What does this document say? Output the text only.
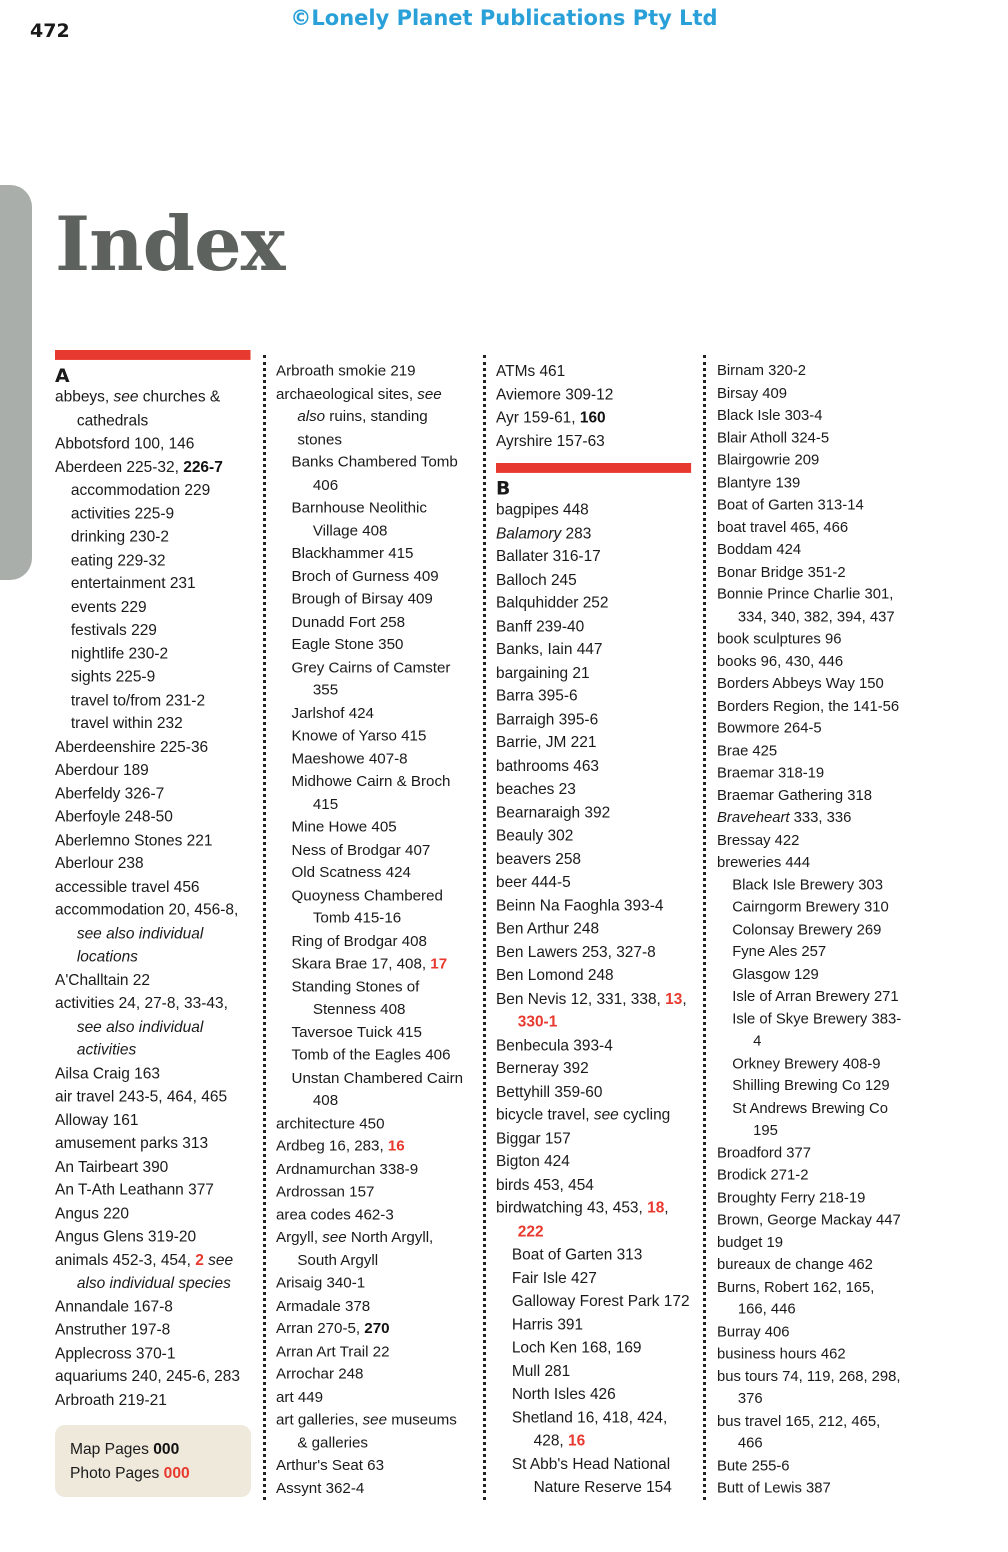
©Lonely Planet Publications Pty Ltd
472
Index
A
abbeys, see churches & cathedrals
Abbotsford 100, 146
Aberdeen 225-32, 226-7
accommodation 229
activities 225-9
drinking 230-2
eating 229-32
entertainment 231
events 229
festivals 229
nightlife 230-2
sights 225-9
travel to/from 231-2
travel within 232
Aberdeenshire 225-36
Aberdour 189
Aberfeldy 326-7
Aberfoyle 248-50
Aberlemno Stones 221
Aberlour 238
accessible travel 456
accommodation 20, 456-8, see also individual locations
A'Challtain 22
activities 24, 27-8, 33-43, see also individual activities
Ailsa Craig 163
air travel 243-5, 464, 465
Alloway 161
amusement parks 313
An Tairbeart 390
An T-Ath Leathann 377
Angus 220
Angus Glens 319-20
animals 452-3, 454, 2 see also individual species
Annandale 167-8
Anstruther 197-8
Applecross 370-1
aquariums 240, 245-6, 283
Arbroath 219-21
Arbroath smokie 219
archaeological sites, see also ruins, standing stones
Banks Chambered Tomb 406
Barnhouse Neolithic Village 408
Blackhammer 415
Broch of Gurness 409
Brough of Birsay 409
Dunadd Fort 258
Eagle Stone 350
Grey Cairns of Camster 355
Jarlshof 424
Knowe of Yarso 415
Maeshowe 407-8
Midhowe Cairn & Broch 415
Mine Howe 405
Ness of Brodgar 407
Old Scatness 424
Quoyness Chambered Tomb 415-16
Ring of Brodgar 408
Skara Brae 17, 408, 17
Standing Stones of Stenness 408
Taversoe Tuick 415
Tomb of the Eagles 406
Unstan Chambered Cairn 408
architecture 450
Ardbeg 16, 283, 16
Ardnamurchan 338-9
Ardrossan 157
area codes 462-3
Argyll, see North Argyll, South Argyll
Arisaig 340-1
Armadale 378
Arran 270-5, 270
Arran Art Trail 22
Arrochar 248
art 449
art galleries, see museums & galleries
Arthur's Seat 63
Assynt 362-4
ATMs 461
Aviemore 309-12
Ayr 159-61, 160
Ayrshire 157-63
B
bagpipes 448
Balamory 283
Ballater 316-17
Balloch 245
Balquhidder 252
Banff 239-40
Banks, Iain 447
bargaining 21
Barra 395-6
Barraigh 395-6
Barrie, JM 221
bathrooms 463
beaches 23
Bearnaraigh 392
Beauly 302
beavers 258
beer 444-5
Beinn Na Faoghla 393-4
Ben Arthur 248
Ben Lawers 253, 327-8
Ben Lomond 248
Ben Nevis 12, 331, 338, 13, 330-1
Benbecula 393-4
Berneray 392
Bettyhill 359-60
bicycle travel, see cycling
Biggar 157
Bigton 424
birds 453, 454
birdwatching 43, 453, 18, 222
Boat of Garten 313
Fair Isle 427
Galloway Forest Park 172
Harris 391
Loch Ken 168, 169
Mull 281
North Isles 426
Shetland 16, 418, 424, 428, 16
St Abb's Head National Nature Reserve 154
Birnam 320-2
Birsay 409
Black Isle 303-4
Blair Atholl 324-5
Blairgowrie 209
Blantyre 139
Boat of Garten 313-14
boat travel 465, 466
Boddam 424
Bonar Bridge 351-2
Bonnie Prince Charlie 301, 334, 340, 382, 394, 437
book sculptures 96
books 96, 430, 446
Borders Abbeys Way 150
Borders Region, the 141-56
Bowmore 264-5
Brae 425
Braemar 318-19
Braemar Gathering 318
Braveheart 333, 336
Bressay 422
breweries 444
Black Isle Brewery 303
Cairngorm Brewery 310
Colonsay Brewery 269
Fyne Ales 257
Glasgow 129
Isle of Arran Brewery 271
Isle of Skye Brewery 383-4
Orkney Brewery 408-9
Shilling Brewing Co 129
St Andrews Brewing Co 195
Broadford 377
Brodick 271-2
Broughty Ferry 218-19
Brown, George Mackay 447
budget 19
bureaux de change 462
Burns, Robert 162, 165, 166, 446
Burray 406
business hours 462
bus tours 74, 119, 268, 298, 376
bus travel 165, 212, 465, 466
Bute 255-6
Butt of Lewis 387
Map Pages 000
Photo Pages 000
